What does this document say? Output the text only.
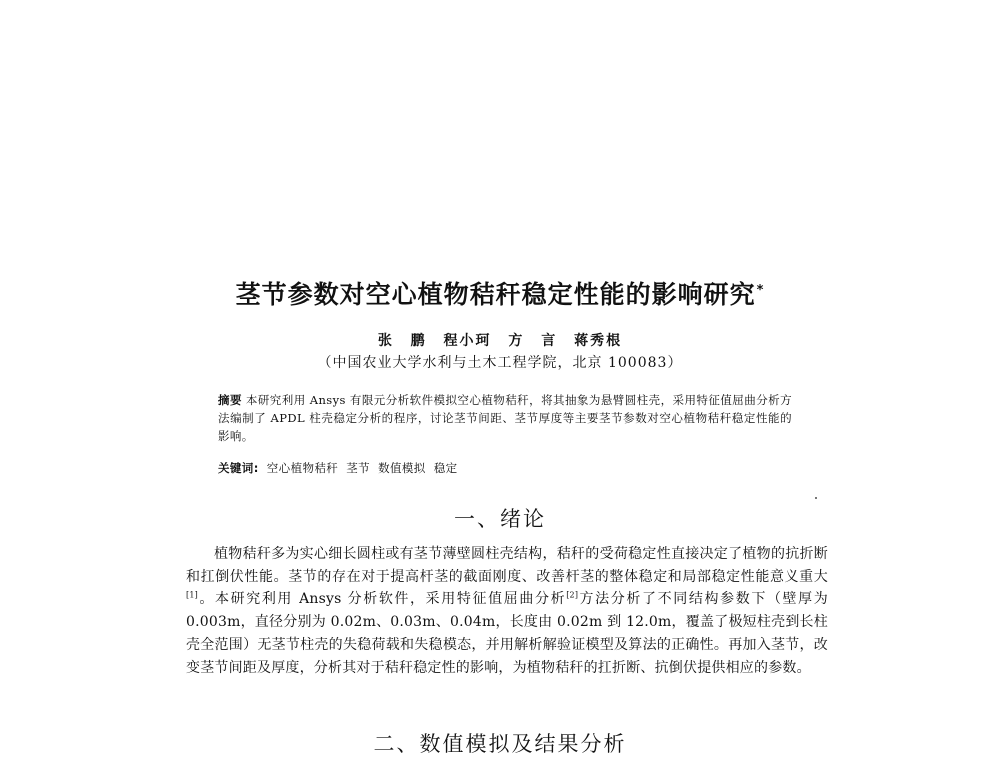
茎节参数对空心植物秸秆稳定性能的影响研究*
张 鹏 程小珂 方 言 蒋秀根
（中国农业大学水利与土木工程学院，北京 100083）
摘要 本研究利用 Ansys 有限元分析软件模拟空心植物秸秆，将其抽象为悬臂圆柱壳，采用特征值屈曲分析方法编制了 APDL 柱壳稳定分析的程序，讨论茎节间距、茎节厚度等主要茎节参数对空心植物秸秆稳定性能的影响。
关键词: 空心植物秸秆 茎节 数值模拟 稳定
一、绪论
植物秸秆多为实心细长圆柱或有茎节薄壁圆柱壳结构，秸秆的受荷稳定性直接决定了植物的抗折断和扛倒伏性能。茎节的存在对于提高杆茎的截面刚度、改善杆茎的整体稳定和局部稳定性能意义重大[1]。本研究利用 Ansys 分析软件，采用特征值屈曲分析[2]方法分析了不同结构参数下（壁厚为 0.003m，直径分别为 0.02m、0.03m、0.04m，长度由 0.02m 到 12.0m，覆盖了极短柱壳到长柱壳全范围）无茎节柱壳的失稳荷载和失稳模态，并用解析解验证模型及算法的正确性。再加入茎节，改变茎节间距及厚度，分析其对于秸秆稳定性的影响，为植物秸秆的扛折断、抗倒伏提供相应的参数。
二、数值模拟及结果分析
